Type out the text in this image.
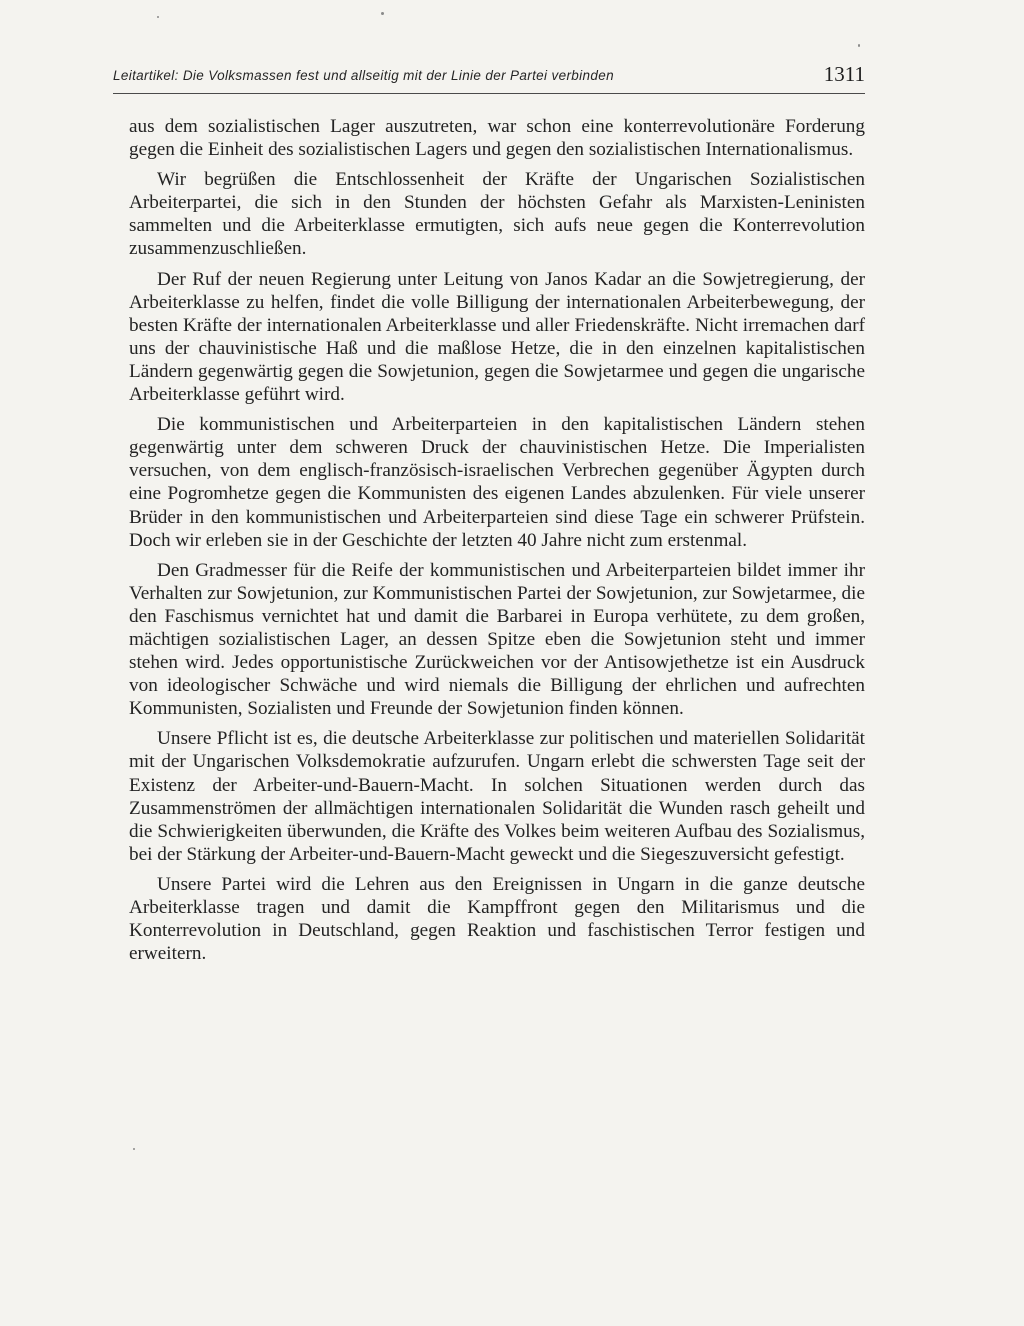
Leitartikel: Die Volksmassen fest und allseitig mit der Linie der Partei verbinden	1311

aus dem sozialistischen Lager auszutreten, war schon eine konterrevolutionäre Forderung gegen die Einheit des sozialistischen Lagers und gegen den sozialistischen Internationalismus.

Wir begrüßen die Entschlossenheit der Kräfte der Ungarischen Sozialistischen Arbeiterpartei, die sich in den Stunden der höchsten Gefahr als Marxisten-Leninisten sammelten und die Arbeiterklasse ermutigten, sich aufs neue gegen die Konterrevolution zusammenzuschließen.

Der Ruf der neuen Regierung unter Leitung von Janos Kadar an die Sowjetregierung, der Arbeiterklasse zu helfen, findet die volle Billigung der internationalen Arbeiterbewegung, der besten Kräfte der internationalen Arbeiterklasse und aller Friedenskräfte. Nicht irremachen darf uns der chauvinistische Haß und die maßlose Hetze, die in den einzelnen kapitalistischen Ländern gegenwärtig gegen die Sowjetunion, gegen die Sowjetarmee und gegen die ungarische Arbeiterklasse geführt wird.

Die kommunistischen und Arbeiterparteien in den kapitalistischen Ländern stehen gegenwärtig unter dem schweren Druck der chauvinistischen Hetze. Die Imperialisten versuchen, von dem englisch-französisch-israelischen Verbrechen gegenüber Ägypten durch eine Pogromhetze gegen die Kommunisten des eigenen Landes abzulenken. Für viele unserer Brüder in den kommunistischen und Arbeiterparteien sind diese Tage ein schwerer Prüfstein. Doch wir erleben sie in der Geschichte der letzten 40 Jahre nicht zum erstenmal.

Den Gradmesser für die Reife der kommunistischen und Arbeiterparteien bildet immer ihr Verhalten zur Sowjetunion, zur Kommunistischen Partei der Sowjetunion, zur Sowjetarmee, die den Faschismus vernichtet hat und damit die Barbarei in Europa verhütete, zu dem großen, mächtigen sozialistischen Lager, an dessen Spitze eben die Sowjetunion steht und immer stehen wird. Jedes opportunistische Zurückweichen vor der Antisowjethetze ist ein Ausdruck von ideologischer Schwäche und wird niemals die Billigung der ehrlichen und aufrechten Kommunisten, Sozialisten und Freunde der Sowjetunion finden können.

Unsere Pflicht ist es, die deutsche Arbeiterklasse zur politischen und materiellen Solidarität mit der Ungarischen Volksdemokratie aufzurufen. Ungarn erlebt die schwersten Tage seit der Existenz der Arbeiter-und-Bauern-Macht. In solchen Situationen werden durch das Zusammenströmen der allmächtigen internationalen Solidarität die Wunden rasch geheilt und die Schwierigkeiten überwunden, die Kräfte des Volkes beim weiteren Aufbau des Sozialismus, bei der Stärkung der Arbeiter-und-Bauern-Macht geweckt und die Siegeszuversicht gefestigt.

Unsere Partei wird die Lehren aus den Ereignissen in Ungarn in die ganze deutsche Arbeiterklasse tragen und damit die Kampffront gegen den Militarismus und die Konterrevolution in Deutschland, gegen Reaktion und faschistischen Terror festigen und erweitern.
